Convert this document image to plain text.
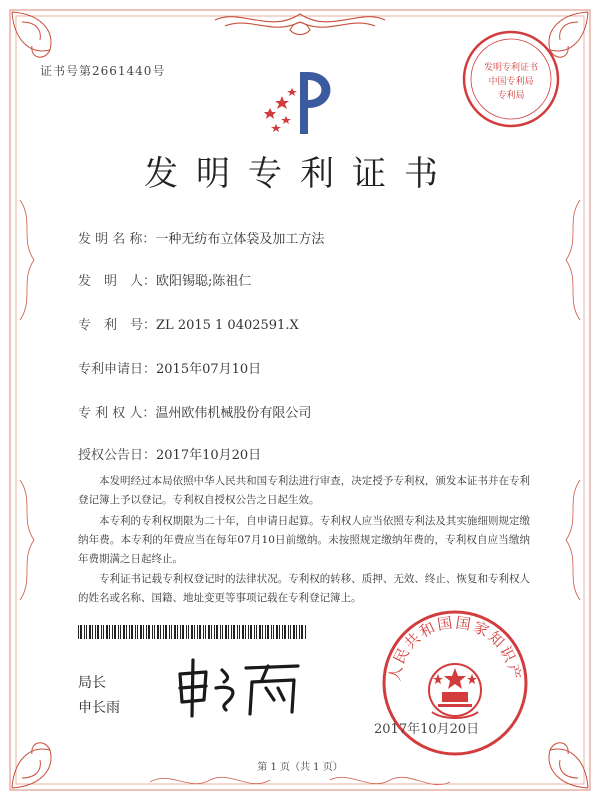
证书号第2661440号	发明专利证书
中国专利局
专利局
发明专利证书
发 明 名 称：一种无纺布立体袋及加工方法
发　明　人：欧阳锡聪;陈祖仁
专　利　号：ZL 2015 1 0402591.X
专利申请日：2015年07月10日
专 利 权 人：温州欧伟机械股份有限公司
授权公告日：2017年10月20日
本发明经过本局依照中华人民共和国专利法进行审查，决定授予专利权，颁发本证书并在专利登记簿上予以登记。专利权自授权公告之日起生效。
本专利的专利权期限为二十年，自申请日起算。专利权人应当依照专利法及其实施细则规定缴纳年费。本专利的年费应当在每年07月10日前缴纳。未按照规定缴纳年费的，专利权自应当缴纳年费期满之日起终止。
专利证书记载专利权登记时的法律状况。专利权的转移、质押、无效、终止、恢复和专利权人的姓名或名称、国籍、地址变更等事项记载在专利登记簿上。
局长
申长雨
人民共和国国家知识产
2017年10月20日
第 1 页（共 1 页）
